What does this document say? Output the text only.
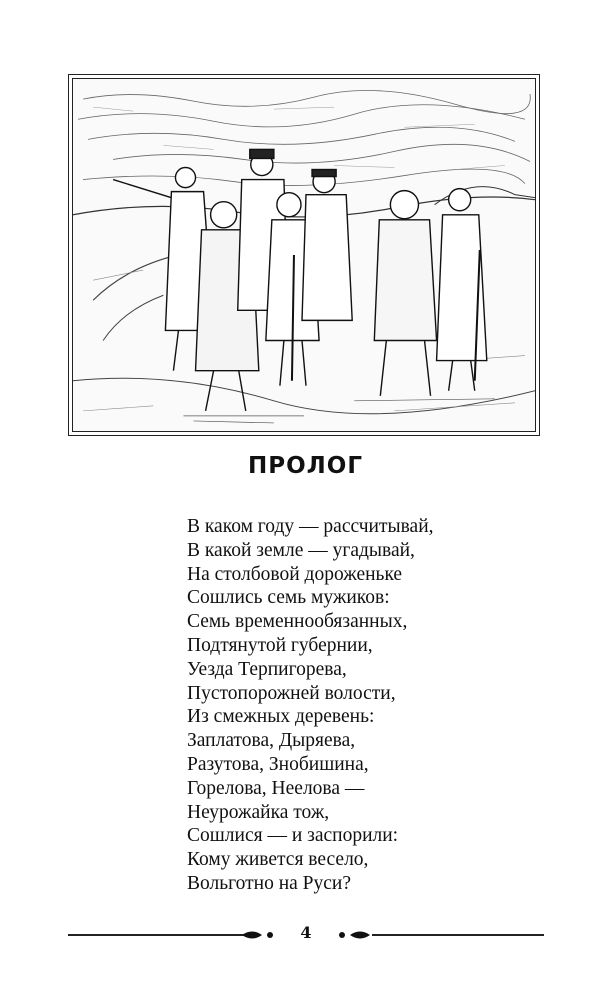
ПРОЛОГ
В каком году — рассчитывай,
В какой земле — угадывай,
На столбовой дороженьке
Сошлись семь мужиков:
Семь временнообязанных,
Подтянутой губернии,
Уезда Терпигорева,
Пустопорожней волости,
Из смежных деревень:
Заплатова, Дыряева,
Разутова, Знобишина,
Горелова, Неелова —
Неурожайка тож,
Сошлися — и заспорили:
Кому живется весело,
Вольготно на Руси?
4
